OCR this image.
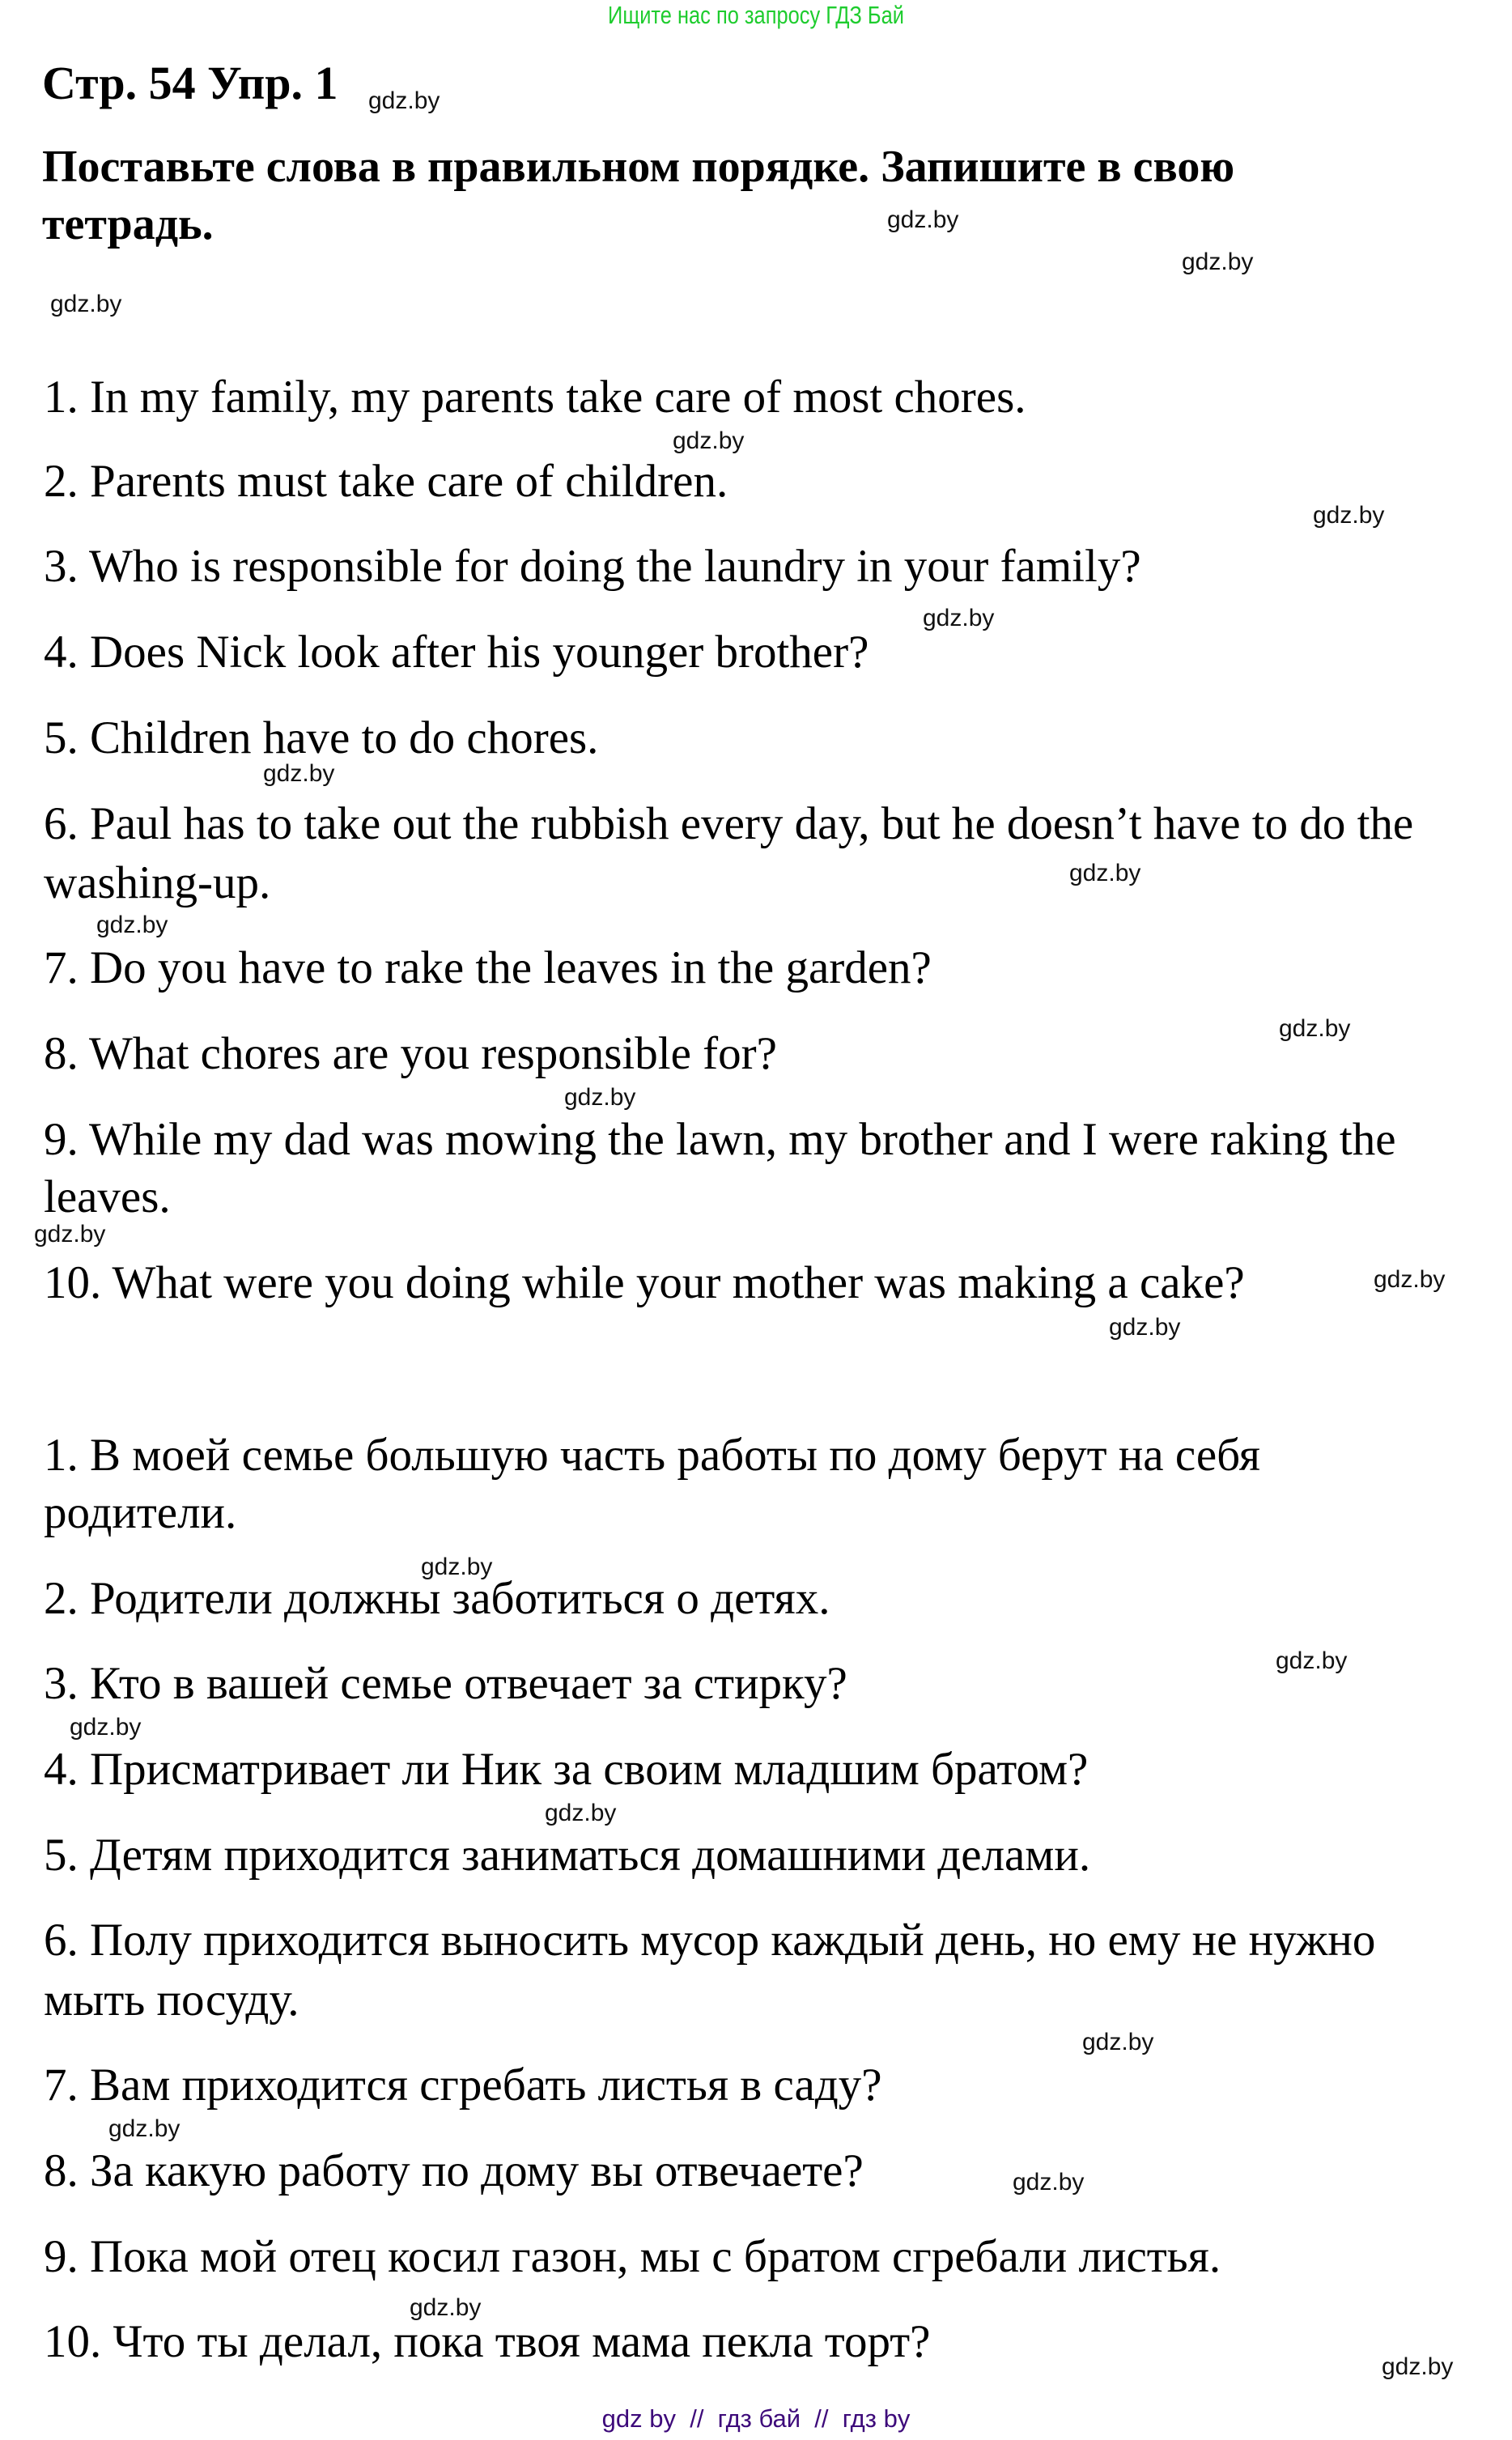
Ищите нас по запросу ГДЗ Бай
Стр. 54 Упр. 1
Поставьте слова в правильном порядке. Запишите в свою
тетрадь.
1. In my family, my parents take care of most chores.
2. Parents must take care of children.
3. Who is responsible for doing the laundry in your family?
4. Does Nick look after his younger brother?
5. Children have to do chores.
6. Paul has to take out the rubbish every day, but he doesn’t have to do the
washing-up.
7. Do you have to rake the leaves in the garden?
8. What chores are you responsible for?
9. While my dad was mowing the lawn, my brother and I were raking the
leaves.
10. What were you doing while your mother was making a cake?
1. В моей семье большую часть работы по дому берут на себя
родители.
2. Родители должны заботиться о детях.
3. Кто в вашей семье отвечает за стирку?
4. Присматривает ли Ник за своим младшим братом?
5. Детям приходится заниматься домашними делами.
6. Полу приходится выносить мусор каждый день, но ему не нужно
мыть посуду.
7. Вам приходится сгребать листья в саду?
8. За какую работу по дому вы отвечаете?
9. Пока мой отец косил газон, мы с братом сгребали листья.
10. Что ты делал, пока твоя мама пекла торт?
gdz.by
gdz.by
gdz.by
gdz.by
gdz.by
gdz.by
gdz.by
gdz.by
gdz.by
gdz.by
gdz.by
gdz.by
gdz.by
gdz.by
gdz.by
gdz.by
gdz.by
gdz.by
gdz.by
gdz.by
gdz.by
gdz.by
gdz.by
gdz.by
gdz by  //  гдз бай  //  гдз by
